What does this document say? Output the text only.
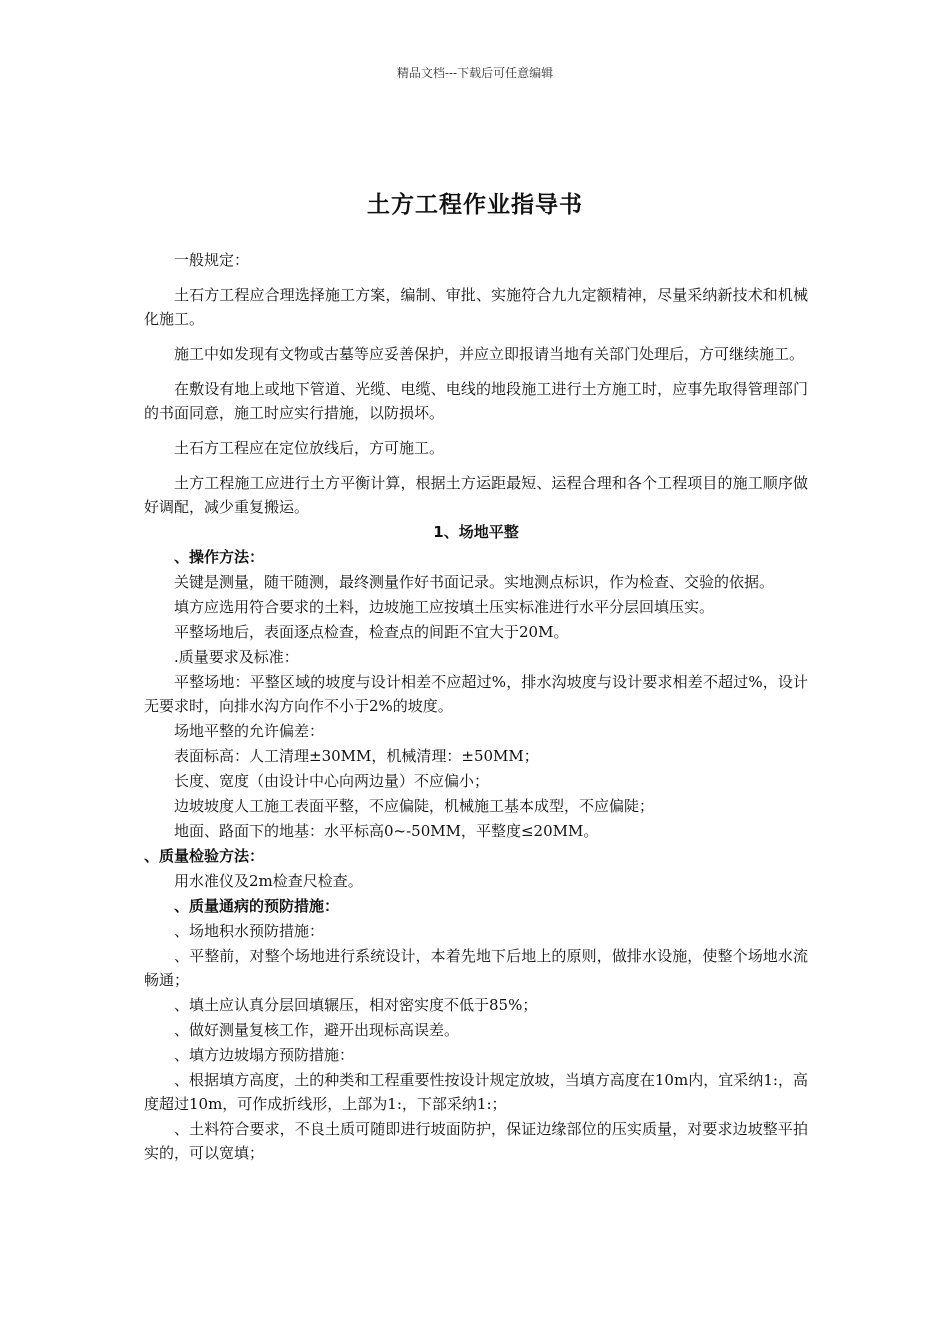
精品文档---下载后可任意编辑
土方工程作业指导书

一般规定：

土石方工程应合理选择施工方案，编制、审批、实施符合九九定额精神，尽量采纳新技术和机械化施工。

施工中如发现有文物或古墓等应妥善保护，并应立即报请当地有关部门处理后，方可继续施工。

在敷设有地上或地下管道、光缆、电缆、电线的地段施工进行土方施工时，应事先取得管理部门的书面同意，施工时应实行措施，以防损坏。

土石方工程应在定位放线后，方可施工。

土方工程施工应进行土方平衡计算，根据土方运距最短、运程合理和各个工程项目的施工顺序做好调配，减少重复搬运。

1、场地平整

、操作方法：

关键是测量，随干随测，最终测量作好书面记录。实地测点标识，作为检查、交验的依据。

填方应选用符合要求的土料，边坡施工应按填土压实标准进行水平分层回填压实。

平整场地后，表面逐点检查，检查点的间距不宜大于20M。

.质量要求及标准：

平整场地：平整区域的坡度与设计相差不应超过%，排水沟坡度与设计要求相差不超过%，设计无要求时，向排水沟方向作不小于2%的坡度。

场地平整的允许偏差：

表面标高：人工清理±30MM，机械清理：±50MM；

长度、宽度（由设计中心向两边量）不应偏小；

边坡坡度人工施工表面平整，不应偏陡，机械施工基本成型，不应偏陡；

地面、路面下的地基：水平标高0~-50MM，平整度≤20MM。

、质量检验方法：

用水准仪及2m检查尺检查。

、质量通病的预防措施：

、场地积水预防措施：

、平整前，对整个场地进行系统设计，本着先地下后地上的原则，做排水设施，使整个场地水流畅通；

、填土应认真分层回填辗压，相对密实度不低于85%；

、做好测量复核工作，避开出现标高误差。

、填方边坡塌方预防措施：

、根据填方高度，土的种类和工程重要性按设计规定放坡，当填方高度在10m内，宜采纳1:，高度超过10m，可作成折线形，上部为1:，下部采纳1:；

、土料符合要求，不良土质可随即进行坡面防护，保证边缘部位的压实质量，对要求边坡整平拍实的，可以宽填；
